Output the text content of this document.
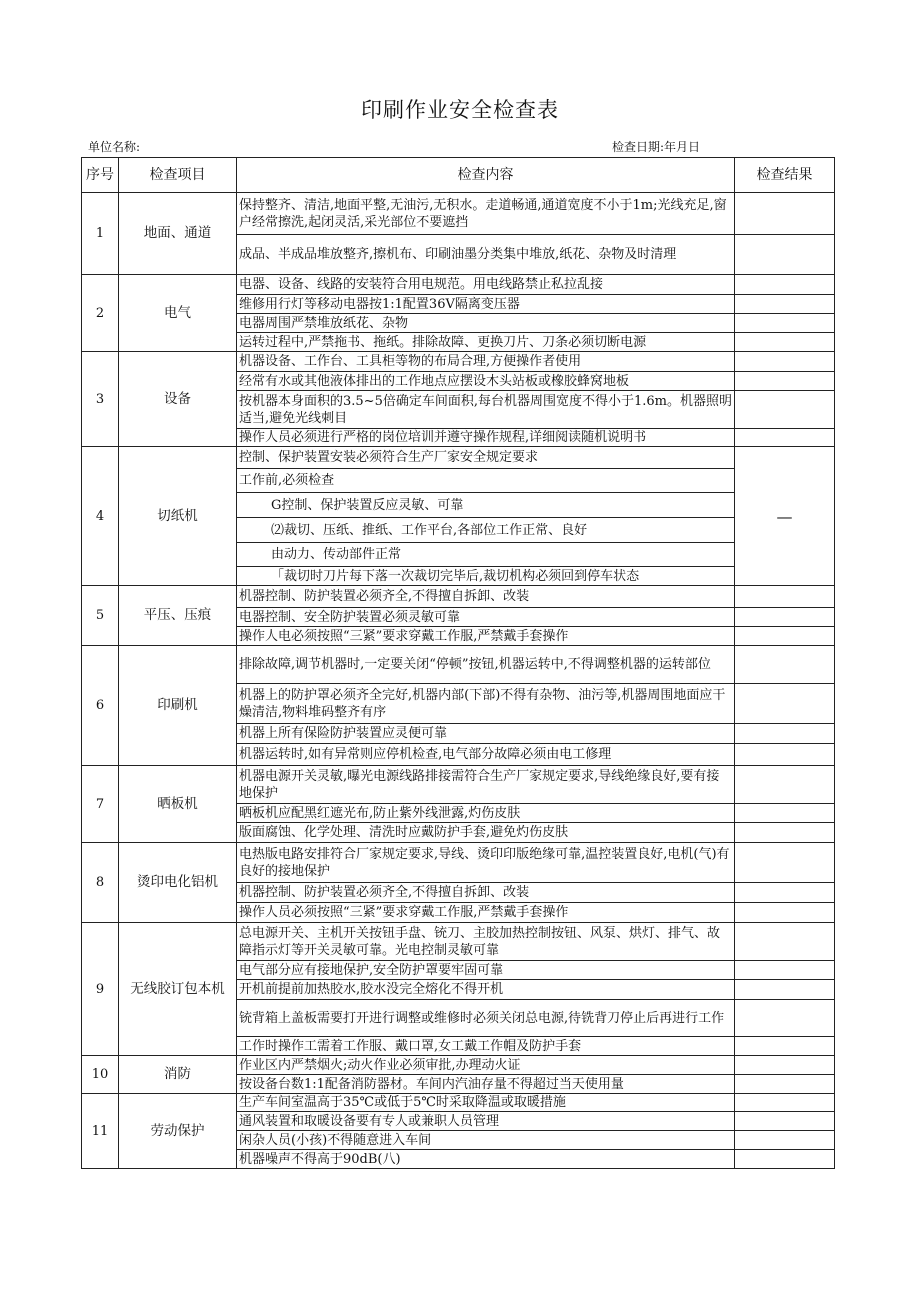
印刷作业安全检查表
单位名称:	检查日期:年月日
序号	检查项目	检查内容	检查结果
1	地面、通道	保持整齐、清洁,地面平整,无油污,无积水。走道畅通,通道宽度不小于1m;光线充足,窗户经常擦洗,起闭灵活,采光部位不要遮挡	
		成品、半成品堆放整齐,擦机布、印刷油墨分类集中堆放,纸花、杂物及时清理	
2	电气	电器、设备、线路的安装符合用电规范。用电线路禁止私拉乱接	
		维修用行灯等移动电器按1:1配置36V隔离变压器	
		电器周围严禁堆放纸花、杂物	
		运转过程中,严禁拖书、拖纸。排除故障、更换刀片、刀条必须切断电源	
3	设备	机器设备、工作台、工具柜等物的布局合理,方便操作者使用	
		经常有水或其他液体排出的工作地点应摆设木头站板或橡胶蜂窝地板	
		按机器本身面积的3.5~5倍确定车间面积,每台机器周围宽度不得小于1.6m。机器照明适当,避免光线刺目	
		操作人员必须进行严格的岗位培训并遵守操作规程,详细阅读随机说明书	
4	切纸机	控制、保护装置安装必须符合生产厂家安全规定要求	—
		工作前,必须检查	
		G控制、保护装置反应灵敏、可靠	
		⑵裁切、压纸、推纸、工作平台,各部位工作正常、良好	
		由动力、传动部件正常	
		「裁切时刀片每下落一次裁切完毕后,裁切机构必须回到停车状态	
5	平压、压痕	机器控制、防护装置必须齐全,不得擅自拆卸、改装	
		电器控制、安全防护装置必须灵敏可靠	
		操作人电必须按照“三紧”要求穿戴工作服,严禁戴手套操作	
6	印刷机	排除故障,调节机器时,一定要关闭“停顿”按钮,机器运转中,不得调整机器的运转部位	
		机器上的防护罩必须齐全完好,机器内部(下部)不得有杂物、油污等,机器周围地面应干燥清洁,物料堆码整齐有序	
		机器上所有保险防护装置应灵便可靠	
		机器运转时,如有异常则应停机检查,电气部分故障必须由电工修理	
7	晒板机	机器电源开关灵敏,曝光电源线路排接需符合生产厂家规定要求,导线绝缘良好,要有接地保护	
		晒板机应配黑红遮光布,防止紫外线泄露,灼伤皮肤	
		版面腐蚀、化学处理、清洗时应戴防护手套,避免灼伤皮肤	
8	烫印电化铝机	电热版电路安排符合厂家规定要求,导线、烫印印版绝缘可靠,温控装置良好,电机(气)有良好的接地保护	
		机器控制、防护装置必须齐全,不得擅自拆卸、改装	
		操作人员必须按照“三紧”要求穿戴工作服,严禁戴手套操作	
9	无线胶订包本机	总电源开关、主机开关按钮手盘、铳刀、主胶加热控制按钮、风泵、烘灯、排气、故障指示灯等开关灵敏可靠。光电控制灵敏可靠	
		电气部分应有接地保护,安全防护罩要牢固可靠	
		开机前提前加热胶水,胶水没完全熔化不得开机	
		铳背箱上盖板需要打开进行调整或维修时必须关闭总电源,待铣背刀停止后再进行工作	
		工作时操作工需着工作服、戴口罩,女工戴工作帽及防护手套	
10	消防	作业区内严禁烟火;动火作业必须审批,办理动火证	
		按设备台数1:1配备消防器材。车间内汽油存量不得超过当天使用量	
11	劳动保护	生产车间室温高于35℃或低于5℃时采取降温或取暖措施	
		通风装置和取暖设备要有专人或兼职人员管理	
		闲杂人员(小孩)不得随意进入车间	
		机器噪声不得高于90dB(八)	
